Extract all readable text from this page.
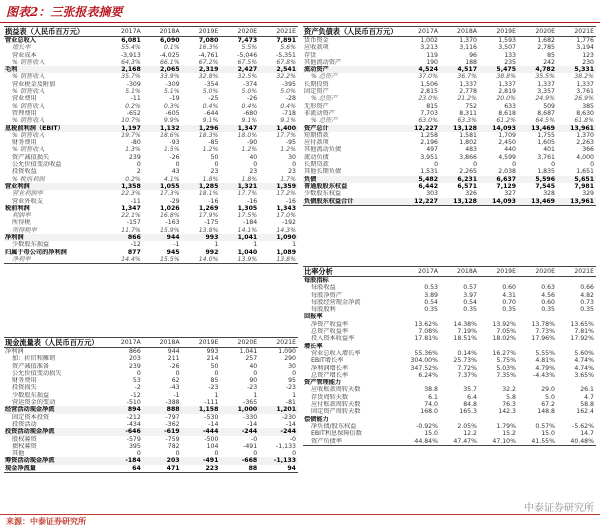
图表2：三张报表摘要
损益表（人民币百万元）	2017A	2018A	2019E	2020E	2021E
营业总收入	6,081	6,090	7,080	7,473	7,891
增长率	55.4%	0.1%	16.3%	5.5%	5.6%
营业成本	-3,913	-4,025	-4,761	-5,046	-5,351
% 销售收入	64.3%	66.1%	67.2%	67.5%	67.8%
毛利	2,168	2,065	2,319	2,427	2,541
% 销售收入	35.7%	33.9%	32.8%	32.5%	32.2%
营业税金及附加	-309	-309	-354	-374	-395
% 销售收入	5.1%	5.1%	5.0%	5.0%	5.0%
营业费用	-11	-19	-25	-26	-28
% 销售收入	0.2%	0.3%	0.4%	0.4%	0.4%
管理费用	-652	-605	-644	-680	-718
% 销售收入	10.7%	9.9%	9.1%	9.1%	9.1%
息税前利润（EBIT）	1,197	1,132	1,296	1,347	1,400
% 销售收入	19.7%	18.6%	18.3%	18.0%	17.7%
财务费用	-80	-93	-85	-90	-95
% 销售收入	1.3%	1.5%	1.2%	1.2%	1.2%
资产减值损失	239	-26	50	40	30
公允价值变动收益	0	0	0	0	0
投资收益	2	43	23	23	23
% 税前利润	0.2%	4.1%	1.8%	1.8%	1.7%
营业利润	1,358	1,055	1,285	1,321	1,359
营业利润率	22.3%	17.3%	18.1%	17.7%	17.2%
营业外收支	-11	-29	-16	-16	-16
税前利润	1,347	1,026	1,269	1,305	1,343
利润率	22.1%	16.8%	17.9%	17.5%	17.0%
所得税	-157	-163	-175	-184	-192
所得税率	11.7%	15.9%	13.8%	14.1%	14.3%
净利润	866	944	993	1,041	1,090
少数股东损益	-12	-1	1	1	1
归属于母公司的净利润	877	945	992	1,040	1,089
净利率	14.4%	15.5%	14.0%	13.9%	13.8%
现金流量表（人民币百万元）	2017A	2018A	2019E	2020E	2021E
净利润	866	944	993	1,041	1,090
加：折旧和摊销	203	211	214	257	290
资产减值准备	239	-26	50	40	30
公允价值变动损失	0	0	0	0	0
财务费用	53	62	85	90	95
投资损失	-2	-43	-23	-23	-23
少数股东损益	-12	-1	1	1	1
营运资金的变动	-510	-388	-111	-365	-81
经营活动现金净流	894	888	1,158	1,000	1,201
固定资本投资	-212	-797	-530	-330	-230
投资活动	-434	-362	-14	-14	-14
投资活动现金净流	-646	-619	-444	-244	-244
股权募资	-579	-759	-500	-0	-0
债权募资	395	782	104	-491	-1,133
其他	0	0	0	0	0
筹资活动现金净流	-184	203	-491	-668	-1,133
现金净流量	64	471	223	88	94
资产负债表（人民币百万元）	2017A	2018A	2019E	2020E	2021E
货币资金	1,002	1,370	1,593	1,682	1,776
应收款项	3,213	3,116	3,507	2,785	3,194
存货	119	96	133	85	123
其他流动资产	190	188	235	242	230
流动资产	4,524	4,517	5,475	4,782	5,331
% 总资产	37.0%	36.7%	38.8%	35.5%	38.2%
长期投资	1,506	1,337	1,337	1,337	1,337
固定资产	2,815	2,778	2,819	3,357	3,761
% 总资产	23.0%	21.2%	20.0%	24.9%	26.9%
无形资产	815	752	633	509	385
非流动资产	7,703	8,311	8,618	8,687	8,630
% 总资产	63.0%	63.3%	61.2%	64.5%	61.8%
资产总计	12,227	13,128	14,093	13,469	13,961
短期借款	1,258	1,581	1,709	1,755	1,370
应付款项	2,196	1,802	2,450	1,605	2,263
其他流动负债	497	483	440	401	366
流动负债	3,951	3,866	4,599	3,761	4,000
长期贷款	0	0	0	0	0
其他长期负债	1,531	2,265	2,038	1,835	1,651
负债	5,482	6,231	6,637	5,596	5,651
普通股股东权益	6,442	6,571	7,129	7,545	7,981
少数股东权益	303	326	327	328	329
负债股东权益合计	12,227	13,128	14,093	13,469	13,961
比率分析	2017A	2018A	2019E	2020E	2021E
每股指标					
每股收益	0.53	0.57	0.60	0.63	0.66
每股净资产	3.89	3.97	4.31	4.56	4.82
每股经营现金净流	0.54	0.54	0.70	0.60	0.73
每股股利	0.35	0.35	0.35	0.35	0.35
回报率					
净资产收益率	13.62%	14.38%	13.92%	13.78%	13.65%
总资产收益率	7.08%	7.19%	7.05%	7.73%	7.81%
投入资本收益率	17.81%	18.51%	18.02%	17.96%	17.92%
增长率					
营业总收入增长率	55.36%	0.14%	16.27%	5.55%	5.60%
EBIT增长率	304.00%	25.73%	5.75%	4.81%	4.74%
净利润增长率	347.52%	7.72%	5.03%	4.79%	4.74%
总资产增长率	6.24%	7.37%	7.35%	-4.43%	3.65%
资产管理能力					
应收账款周转天数	38.8	35.7	32.2	29.0	26.1
存货周转天数	6.1	6.4	5.8	5.0	4.7
应付账款周转天数	74.0	84.8	76.3	67.2	58.8
固定资产周转天数	168.0	165.3	142.3	148.8	162.4
偿债能力					
净负债/股东权益	-0.92%	2.05%	1.79%	0.57%	-5.62%
EBIT利息保障倍数	15.0	12.2	15.2	15.0	14.7
资产负债率	44.84%	47.47%	47.10%	41.55%	40.48%
来源：中泰证券研究所
中泰证券研究所
